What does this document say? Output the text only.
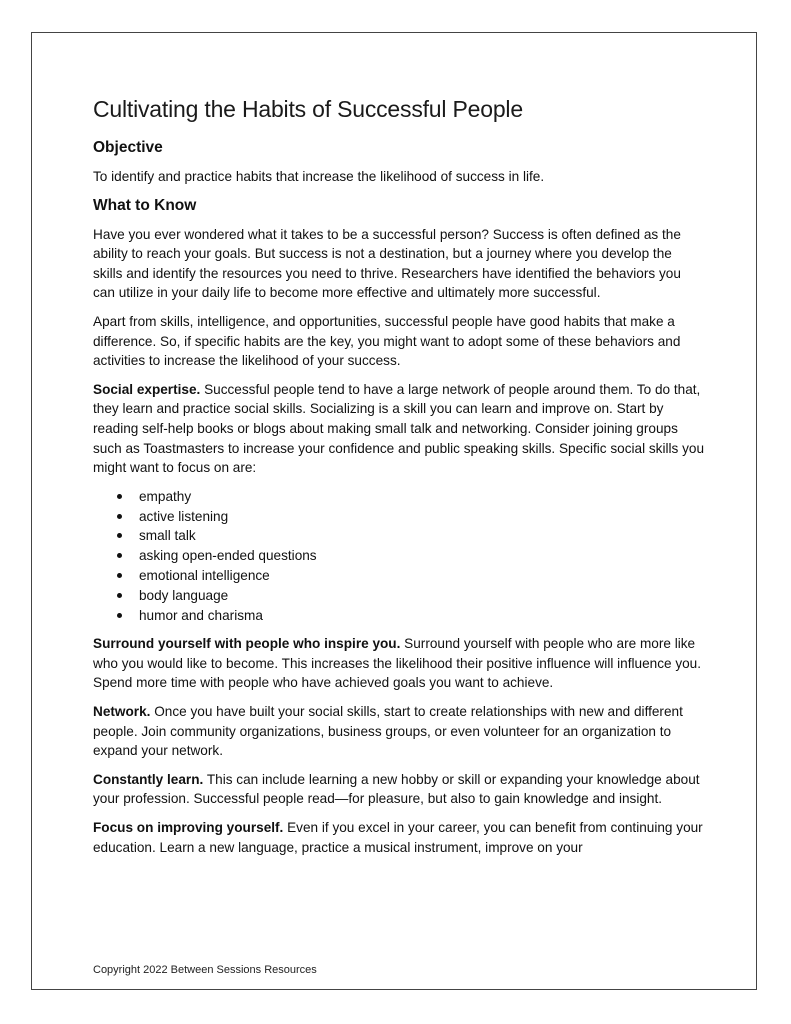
Cultivating the Habits of Successful People
Objective

To identify and practice habits that increase the likelihood of success in life.

What to Know

Have you ever wondered what it takes to be a successful person? Success is often defined as the ability to reach your goals. But success is not a destination, but a journey where you develop the skills and identify the resources you need to thrive. Researchers have identified the behaviors you can utilize in your daily life to become more effective and ultimately more successful.

Apart from skills, intelligence, and opportunities, successful people have good habits that make a difference. So, if specific habits are the key, you might want to adopt some of these behaviors and activities to increase the likelihood of your success.

Social expertise. Successful people tend to have a large network of people around them. To do that, they learn and practice social skills. Socializing is a skill you can learn and improve on. Start by reading self-help books or blogs about making small talk and networking. Consider joining groups such as Toastmasters to increase your confidence and public speaking skills. Specific social skills you might want to focus on are:

empathy
active listening
small talk
asking open-ended questions
emotional intelligence
body language
humor and charisma

Surround yourself with people who inspire you. Surround yourself with people who are more like who you would like to become. This increases the likelihood their positive influence will influence you. Spend more time with people who have achieved goals you want to achieve.

Network. Once you have built your social skills, start to create relationships with new and different people. Join community organizations, business groups, or even volunteer for an organization to expand your network.

Constantly learn. This can include learning a new hobby or skill or expanding your knowledge about your profession. Successful people read—for pleasure, but also to gain knowledge and insight.

Focus on improving yourself. Even if you excel in your career, you can benefit from continuing your education. Learn a new language, practice a musical instrument, improve on your

Copyright 2022 Between Sessions Resources
